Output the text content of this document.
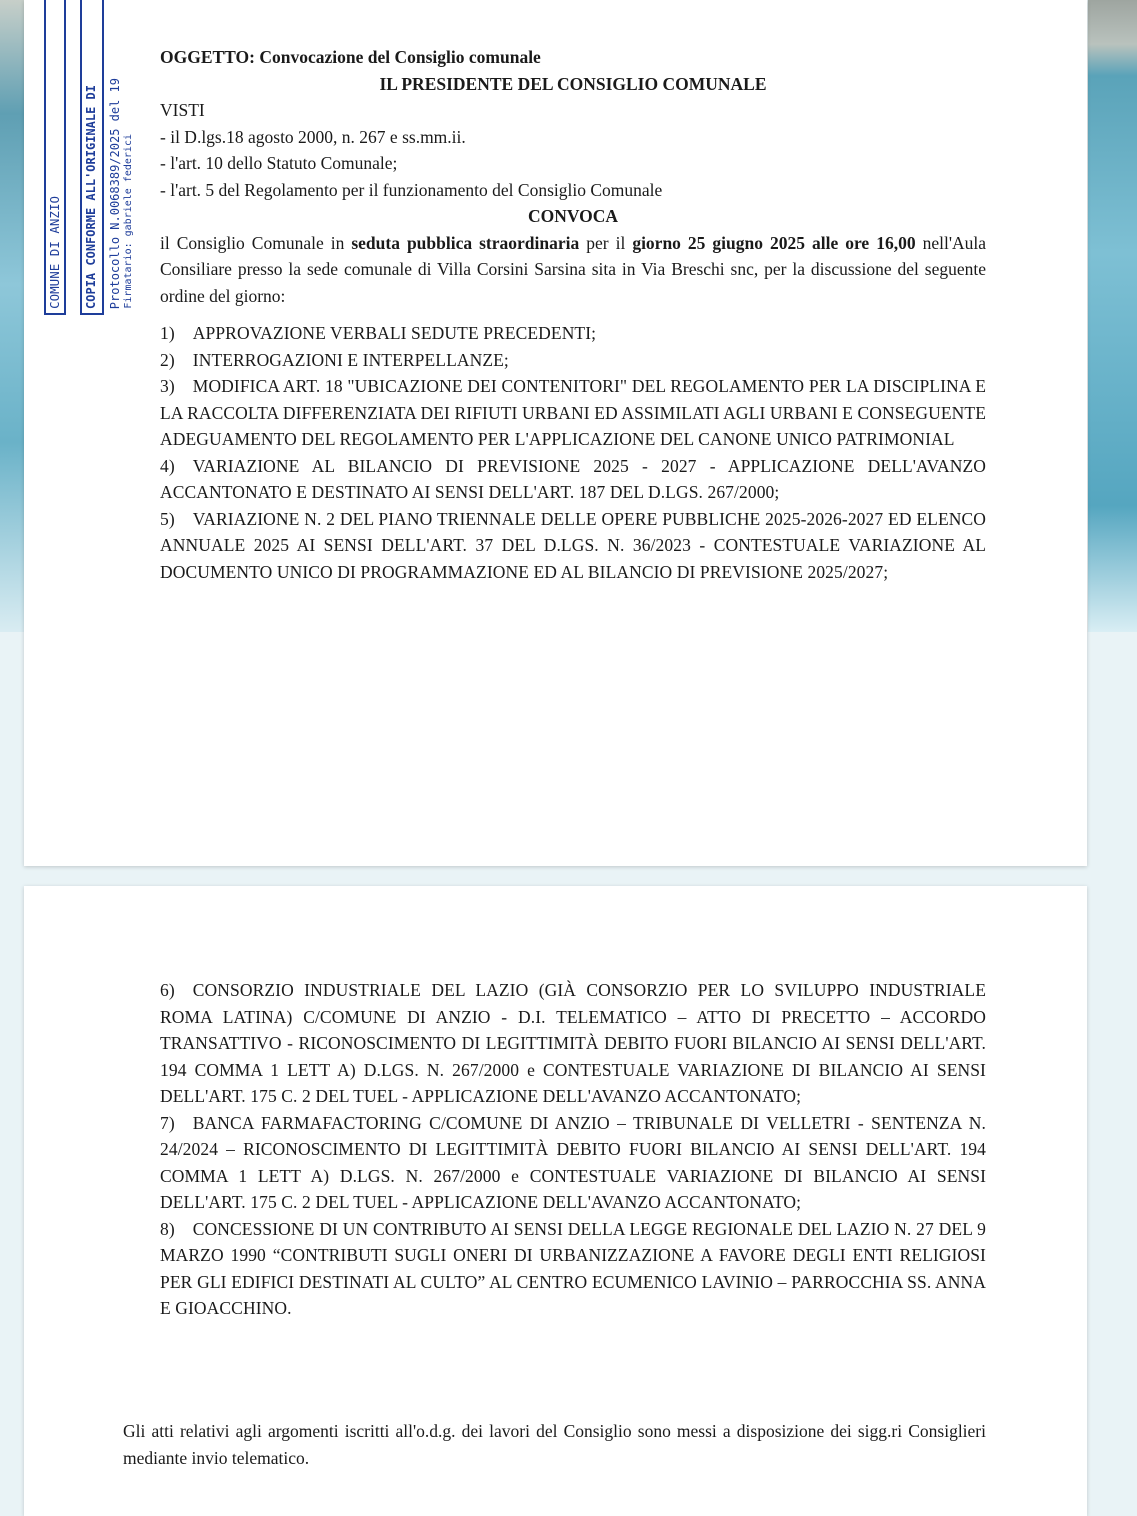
COMUNE DI ANZIO COPIA CONFORME ALL'ORIGINALE DI Protocollo N.0068389/2025 del 19 Firmatario: gabriele federici

OGGETTO: Convocazione del Consiglio comunale

IL PRESIDENTE DEL CONSIGLIO COMUNALE

VISTI

- il D.lgs.18 agosto 2000, n. 267 e ss.mm.ii.

- l'art. 10 dello Statuto Comunale;

- l'art. 5 del Regolamento per il funzionamento del Consiglio Comunale

CONVOCA

il Consiglio Comunale in seduta pubblica straordinaria per il giorno 25 giugno 2025 alle ore 16,00 nell'Aula Consiliare presso la sede comunale di Villa Corsini Sarsina sita in Via Breschi snc, per la discussione del seguente ordine del giorno:

1) APPROVAZIONE VERBALI SEDUTE PRECEDENTI;

2) INTERROGAZIONI E INTERPELLANZE;

3) MODIFICA ART. 18 "UBICAZIONE DEI CONTENITORI" DEL REGOLAMENTO PER LA DISCIPLINA E LA RACCOLTA DIFFERENZIATA DEI RIFIUTI URBANI ED ASSIMILATI AGLI URBANI E CONSEGUENTE ADEGUAMENTO DEL REGOLAMENTO PER L'APPLICAZIONE DEL CANONE UNICO PATRIMONIAL

4) VARIAZIONE AL BILANCIO DI PREVISIONE 2025 - 2027 - APPLICAZIONE DELL'AVANZO ACCANTONATO E DESTINATO AI SENSI DELL'ART. 187 DEL D.LGS. 267/2000;

5) VARIAZIONE N. 2 DEL PIANO TRIENNALE DELLE OPERE PUBBLICHE 2025-2026-2027 ED ELENCO ANNUALE 2025 AI SENSI DELL'ART. 37 DEL D.LGS. N. 36/2023 - CONTESTUALE VARIAZIONE AL DOCUMENTO UNICO DI PROGRAMMAZIONE ED AL BILANCIO DI PREVISIONE 2025/2027;

6) CONSORZIO INDUSTRIALE DEL LAZIO (GIÀ CONSORZIO PER LO SVILUPPO INDUSTRIALE ROMA LATINA) C/COMUNE DI ANZIO - D.I. TELEMATICO – ATTO DI PRECETTO – ACCORDO TRANSATTIVO - RICONOSCIMENTO DI LEGITTIMITÀ DEBITO FUORI BILANCIO AI SENSI DELL'ART. 194 COMMA 1 LETT A) D.LGS. N. 267/2000 e CONTESTUALE VARIAZIONE DI BILANCIO AI SENSI DELL'ART. 175 C. 2 DEL TUEL - APPLICAZIONE DELL'AVANZO ACCANTONATO;

7) BANCA FARMAFACTORING C/COMUNE DI ANZIO – TRIBUNALE DI VELLETRI - SENTENZA N. 24/2024 – RICONOSCIMENTO DI LEGITTIMITÀ DEBITO FUORI BILANCIO AI SENSI DELL'ART. 194 COMMA 1 LETT A) D.LGS. N. 267/2000 e CONTESTUALE VARIAZIONE DI BILANCIO AI SENSI DELL'ART. 175 C. 2 DEL TUEL - APPLICAZIONE DELL'AVANZO ACCANTONATO;

8) CONCESSIONE DI UN CONTRIBUTO AI SENSI DELLA LEGGE REGIONALE DEL LAZIO N. 27 DEL 9 MARZO 1990 “CONTRIBUTI SUGLI ONERI DI URBANIZZAZIONE A FAVORE DEGLI ENTI RELIGIOSI PER GLI EDIFICI DESTINATI AL CULTO” AL CENTRO ECUMENICO LAVINIO – PARROCCHIA SS. ANNA E GIOACCHINO.

Gli atti relativi agli argomenti iscritti all'o.d.g. dei lavori del Consiglio sono messi a disposizione dei sigg.ri Consiglieri mediante invio telematico.
